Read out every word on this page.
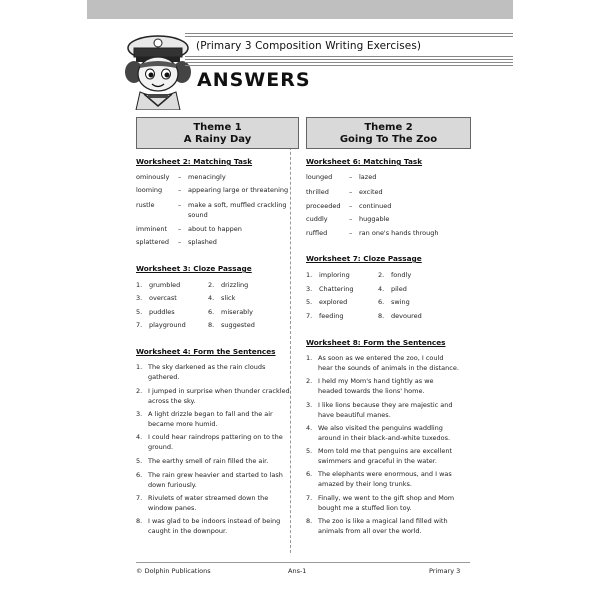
(Primary 3 Composition Writing Exercises)
ANSWERS
Theme 1
A Rainy Day
Worksheet 2: Matching Task
ominously – menacingly
looming – appearing large or threatening
rustle	– make a soft, muffled crackling sound
imminent – about to happen
splattered – splashed
Worksheet 3: Cloze Passage
1. grumbled	2. drizzling
3. overcast	4. slick
5. puddles	6. miserably
7. playground	8. suggested
Worksheet 4: Form the Sentences
1. The sky darkened as the rain clouds
gathered.
2. I jumped in surprise when thunder crackled
across the sky.
3. A light drizzle began to fall and the air
became more humid.
4. I could hear raindrops pattering on to the
ground.
5. The earthy smell of rain filled the air.
6. The rain grew heavier and started to lash
down furiously.
7. Rivulets of water streamed down the
window panes.
8. I was glad to be indoors instead of being
caught in the downpour.
Theme 2
Going To The Zoo
Worksheet 6: Matching Task
lounged	– lazed
thrilled	– excited
proceeded – continued
cuddly	– huggable
ruffled	– ran one's hands through
Worksheet 7: Cloze Passage
1. imploring	2. fondly
3. Chattering	4. piled
5. explored	6. swing
7. feeding	8. devoured
Worksheet 8: Form the Sentences
1. As soon as we entered the zoo, I could
hear the sounds of animals in the distance.
2. I held my Mom's hand tightly as we
headed towards the lions' home.
3. I like lions because they are majestic and
have beautiful manes.
4. We also visited the penguins waddling
around in their black-and-white tuxedos.
5. Mom told me that penguins are excellent
swimmers and graceful in the water.
6. The elephants were enormous, and I was
amazed by their long trunks.
7. Finally, we went to the gift shop and Mom
bought me a stuffed lion toy.
8. The zoo is like a magical land filled with
animals from all over the world.
© Dolphin Publications	Ans-1	Primary 3
